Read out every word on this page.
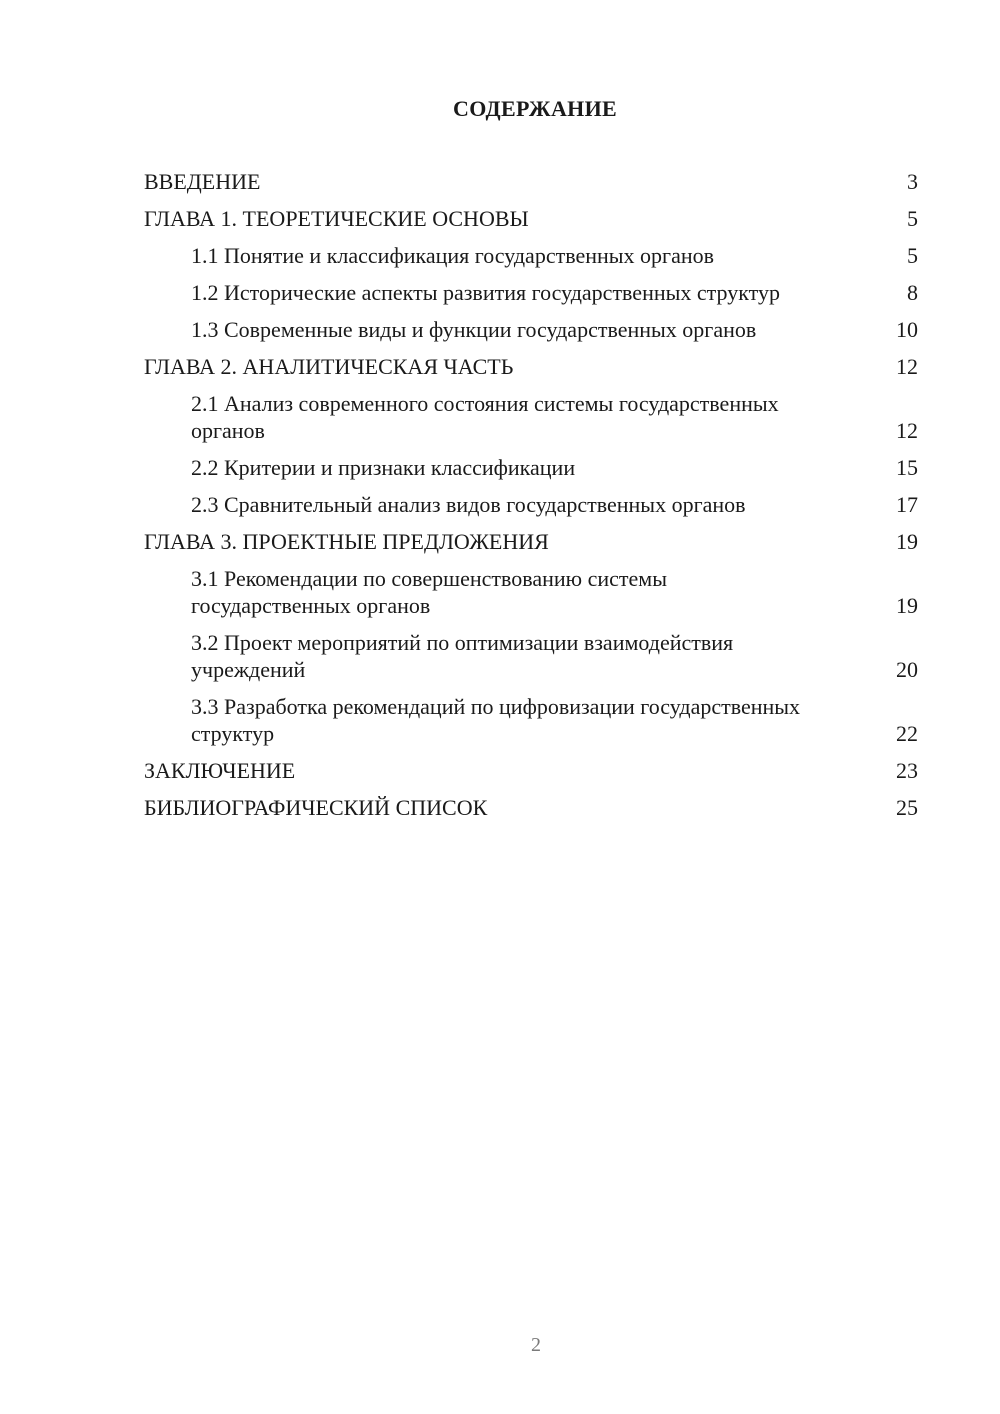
СОДЕРЖАНИЕ
ВВЕДЕНИЕ	3
ГЛАВА 1. ТЕОРЕТИЧЕСКИЕ ОСНОВЫ	5
1.1 Понятие и классификация государственных органов	5
1.2 Исторические аспекты развития государственных структур	8
1.3 Современные виды и функции государственных органов	10
ГЛАВА 2. АНАЛИТИЧЕСКАЯ ЧАСТЬ	12
2.1 Анализ современного состояния системы государственных органов	12
2.2 Критерии и признаки классификации	15
2.3 Сравнительный анализ видов государственных органов	17
ГЛАВА 3. ПРОЕКТНЫЕ ПРЕДЛОЖЕНИЯ	19
3.1 Рекомендации по совершенствованию системы государственных органов	19
3.2 Проект мероприятий по оптимизации взаимодействия учреждений	20
3.3 Разработка рекомендаций по цифровизации государственных структур	22
ЗАКЛЮЧЕНИЕ	23
БИБЛИОГРАФИЧЕСКИЙ СПИСОК	25
2
